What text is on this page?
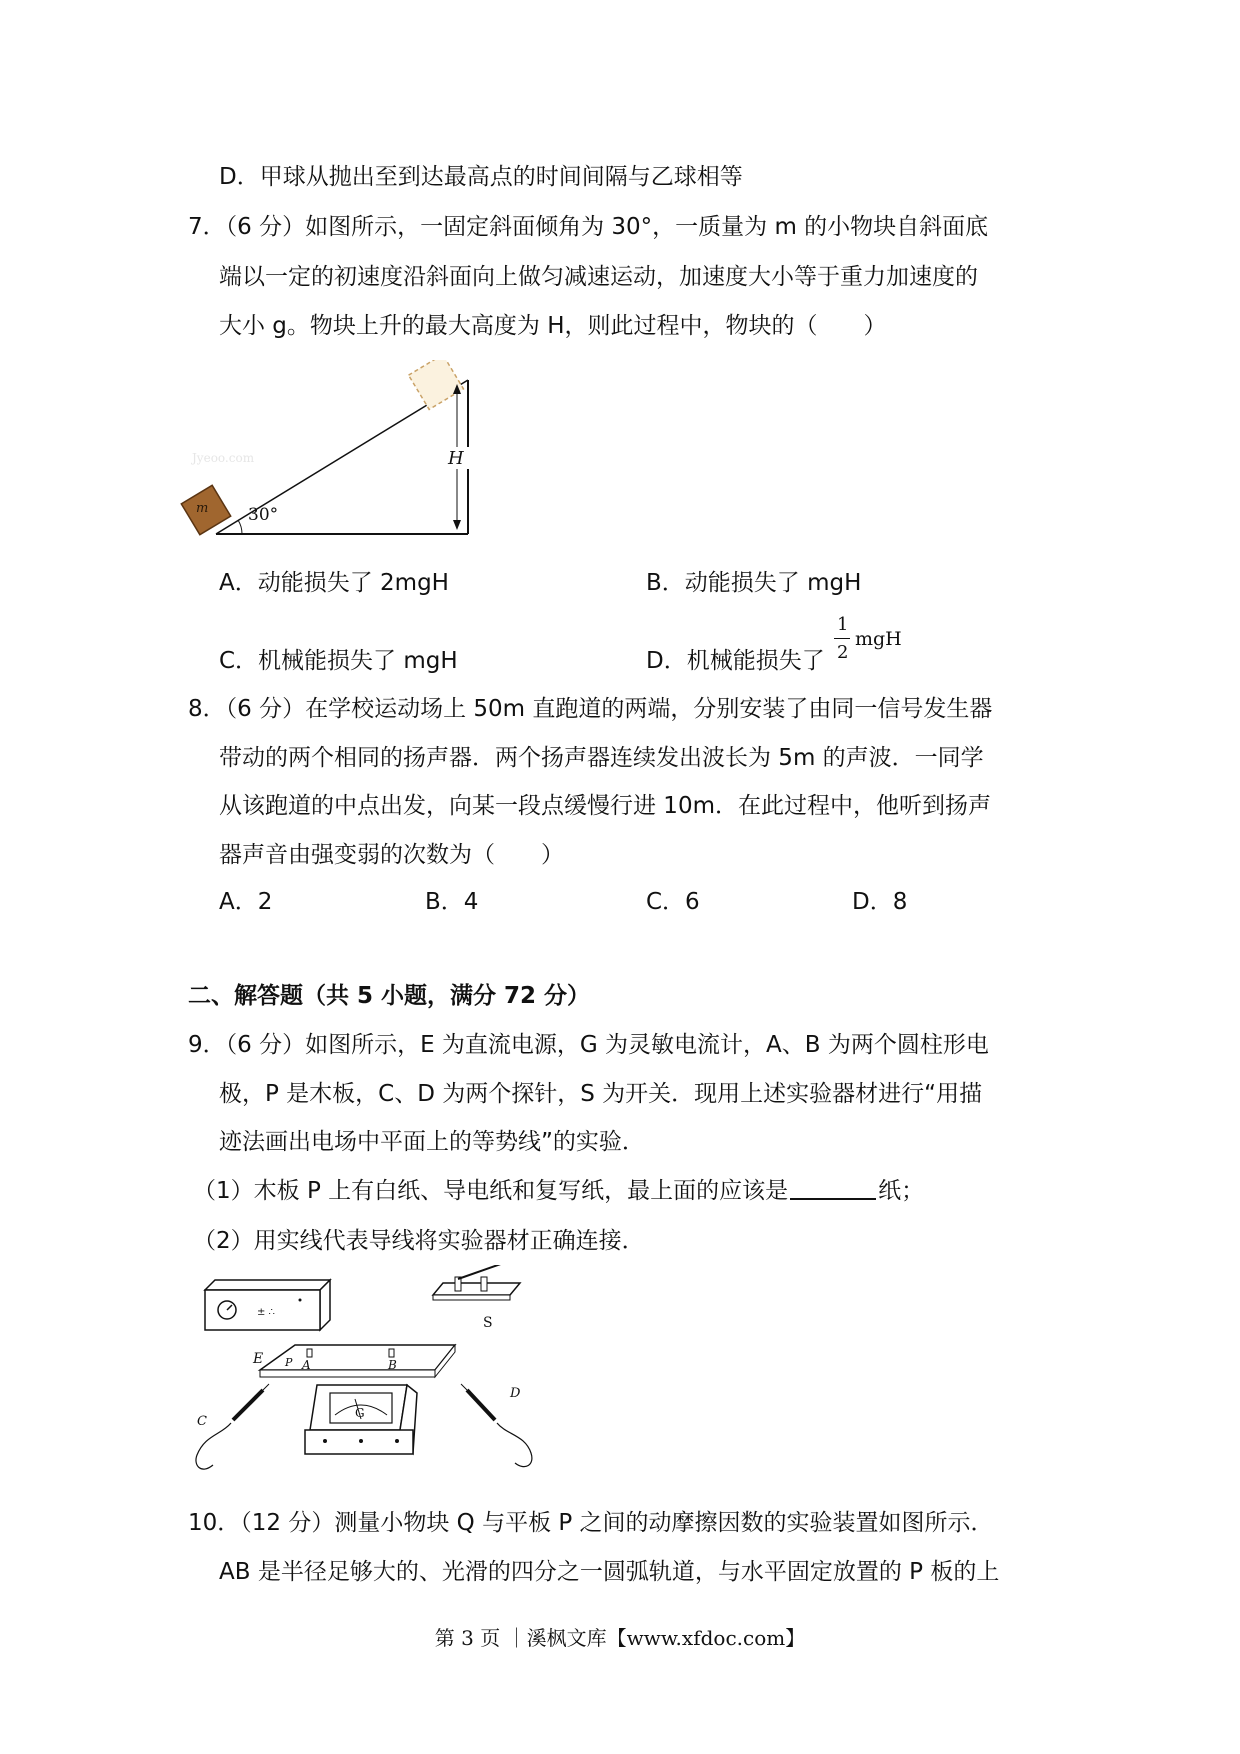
D．甲球从抛出至到达最高点的时间间隔与乙球相等
7．（6 分）如图所示，一固定斜面倾角为 30°，一质量为 m 的小物块自斜面底
端以一定的初速度沿斜面向上做匀减速运动，加速度大小等于重力加速度的
大小 g。物块上升的最大高度为 H，则此过程中，物块的（　　）
Jyeoo.com
m 30°
H
A．动能损失了 2mgH	B．动能损失了 mgH
C．机械能损失了 mgH	D．机械能损失了
1
2
mgH
8．（6 分）在学校运动场上 50m 直跑道的两端，分别安装了由同一信号发生器
带动的两个相同的扬声器．两个扬声器连续发出波长为 5m 的声波．一同学
从该跑道的中点出发，向某一段点缓慢行进 10m．在此过程中，他听到扬声
器声音由强变弱的次数为（　　）
A．2	B．4	C．6	D．8
二、解答题（共 5 小题，满分 72 分）
9．（6 分）如图所示，E 为直流电源，G 为灵敏电流计，A、B 为两个圆柱形电
极，P 是木板，C、D 为两个探针，S 为开关．现用上述实验器材进行“用描
迹法画出电场中平面上的等势线”的实验．
（1）木板 P 上有白纸、导电纸和复写纸，最上面的应该是	纸；
（2）用实线代表导线将实验器材正确连接．
± ∴
E
S
P A	B
C
D
G
10．（12 分）测量小物块 Q 与平板 P 之间的动摩擦因数的实验装置如图所示．
AB 是半径足够大的、光滑的四分之一圆弧轨道，与水平固定放置的 P 板的上
第 3 页 ｜溪枫文库【www.xfdoc.com】
